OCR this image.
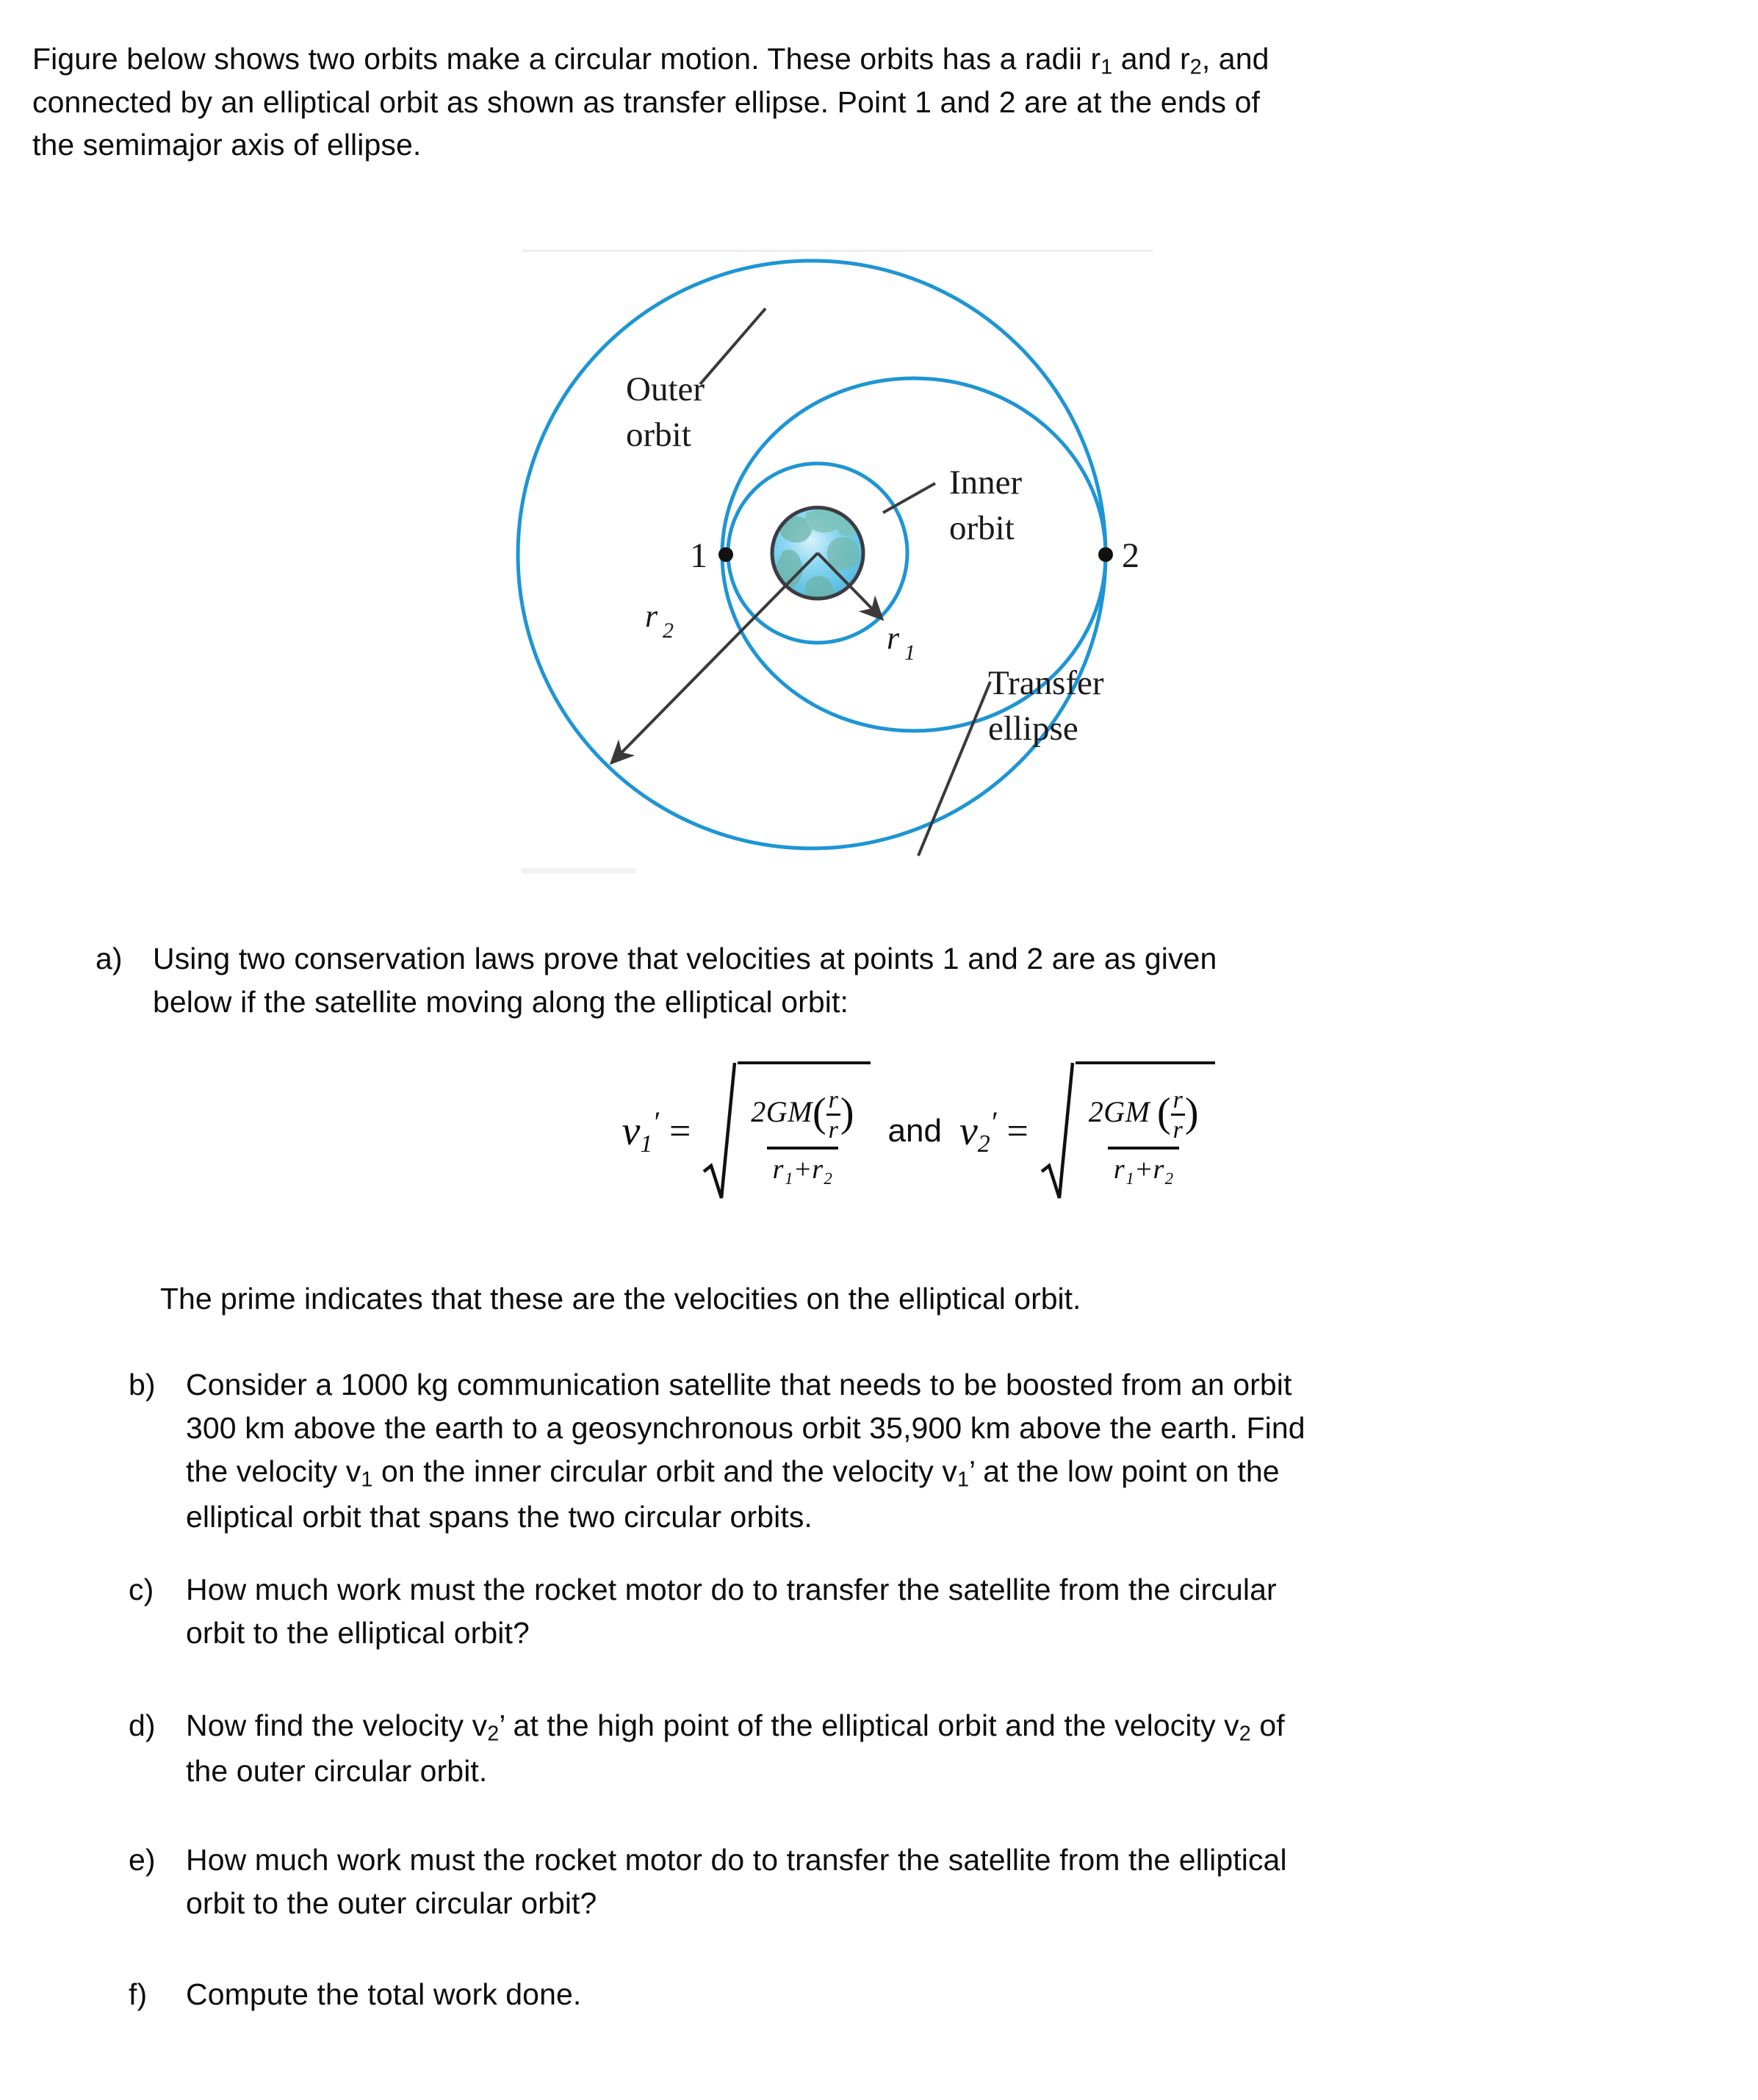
Figure below shows two orbits make a circular motion. These orbits has a radii $r_1$ and $r_2$, and
connected by an elliptical orbit as shown as transfer ellipse. Point 1 and 2 are at the ends of
the semimajor axis of ellipse.
Outer
orbit
Inner
orbit
Transfer
ellipse
1	2
r 1
r 2
a)	Using two conservation laws prove that velocities at points 1 and 2 are as given
below if the satellite moving along the elliptical orbit:
v1′ =	$\frac{2GM( \frac{r}{r} )}{\text{r₁+r₂}}$ and v2′ =	$\frac{2GM ( \frac{r}{r} )}{\text{r₁+r₂}}$
The prime indicates that these are the velocities on the elliptical orbit.
b)	Consider a 1000 kg communication satellite that needs to be boosted from an orbit
300 km above the earth to a geosynchronous orbit 35,900 km above the earth. Find
the velocity $v_1$ on the inner circular orbit and the velocity $v_1$’ at the low point on the
elliptical orbit that spans the two circular orbits.
c)	How much work must the rocket motor do to transfer the satellite from the circular
orbit to the elliptical orbit?
d)	Now find the velocity $v_2$’ at the high point of the elliptical orbit and the velocity $v_2$ of
the outer circular orbit.
e)	How much work must the rocket motor do to transfer the satellite from the elliptical
orbit to the outer circular orbit?
f)	Compute the total work done.
